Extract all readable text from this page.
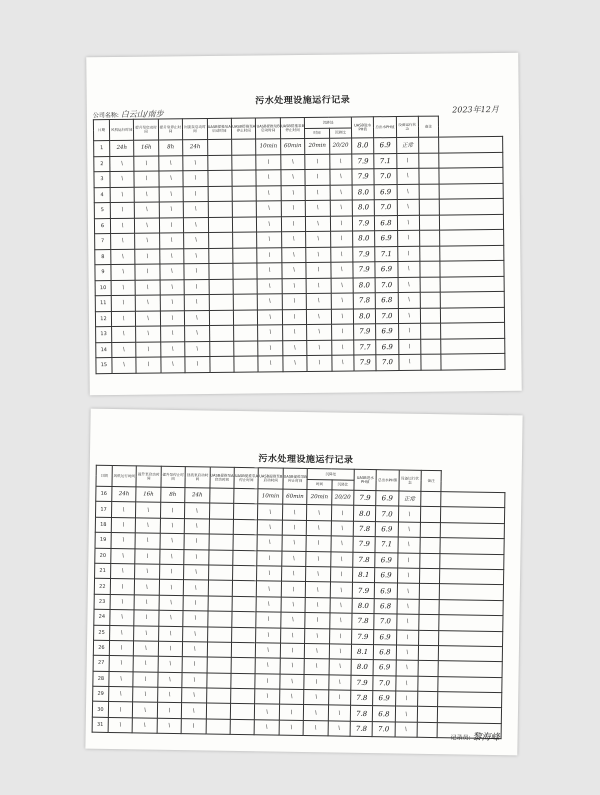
污水处理设施运行记录
公司名称: 白云山/南步	2023年12月
日期	风机运行时间	提升泵启动时间	提升泵停止时间	回流泵启动时间	UASB提推泵A启动时间	UASB提推泵A停止时间	UASB提推泵B启动时间	UASB提推泵B停止时间	沉降处		UASB进水PH值	总出水PH值	设备运行状态	备注	
									时间	沉降比					
1	24h	16h	8h	24h			10min	60min	20min	20/20	8.0	6.9	正常		
2	\	\	\	\			\	\	\	\	7.9	7.1	\		
3	\	\	\	\			\	\	\	\	7.9	7.0	\		
4	\	\	\	\			\	\	\	\	8.0	6.9	\		
5	\	\	\	\			\	\	\	\	8.0	7.0	\		
6	\	\	\	\			\	\	\	\	7.9	6.8	\		
7	\	\	\	\			\	\	\	\	8.0	6.9	\		
8	\	\	\	\			\	\	\	\	7.9	7.1	\		
9	\	\	\	\			\	\	\	\	7.9	6.9	\		
10	\	\	\	\			\	\	\	\	8.0	7.0	\		
11	\	\	\	\			\	\	\	\	7.8	6.8	\		
12	\	\	\	\			\	\	\	\	8.0	7.0	\		
13	\	\	\	\			\	\	\	\	7.9	6.9	\		
14	\	\	\	\			\	\	\	\	7.7	6.9	\		
15	\	\	\	\			\	\	\	\	7.9	7.0	\		
污水处理设施运行记录
日期	风机运行时间	提升泵启动时间	提升泵停止时间	回流泵启动时间	UASB提推泵A启动时间	UASB提推泵A停止时间	UASB提推泵B启动时间	UASB提推泵B停止时间	沉降处		UASB进水PH值	总出水PH值	设备运行状态	备注	
									时间	沉降比					
16	24h	16h	8h	24h			10min	60min	20min	20/20	7.9	6.9	正常		
17	\	\	\	\			\	\	\	\	8.0	7.0	\		
18	\	\	\	\			\	\	\	\	7.8	6.9	\		
19	\	\	\	\			\	\	\	\	7.9	7.1	\		
20	\	\	\	\			\	\	\	\	7.8	6.9	\		
21	\	\	\	\			\	\	\	\	8.1	6.9	\		
22	\	\	\	\			\	\	\	\	7.9	6.9	\		
23	\	\	\	\			\	\	\	\	8.0	6.8	\		
24	\	\	\	\			\	\	\	\	7.8	7.0	\		
25	\	\	\	\			\	\	\	\	7.9	6.9	\		
26	\	\	\	\			\	\	\	\	8.1	6.8	\		
27	\	\	\	\			\	\	\	\	8.0	6.9	\		
28	\	\	\	\			\	\	\	\	7.9	7.0	\		
29	\	\	\	\			\	\	\	\	7.8	6.9	\		
30	\	\	\	\			\	\	\	\	7.8	6.8	\		
31	\	\	\	\			\	\	\	\	7.8	7.0	\		
记录员: 黎海峰
